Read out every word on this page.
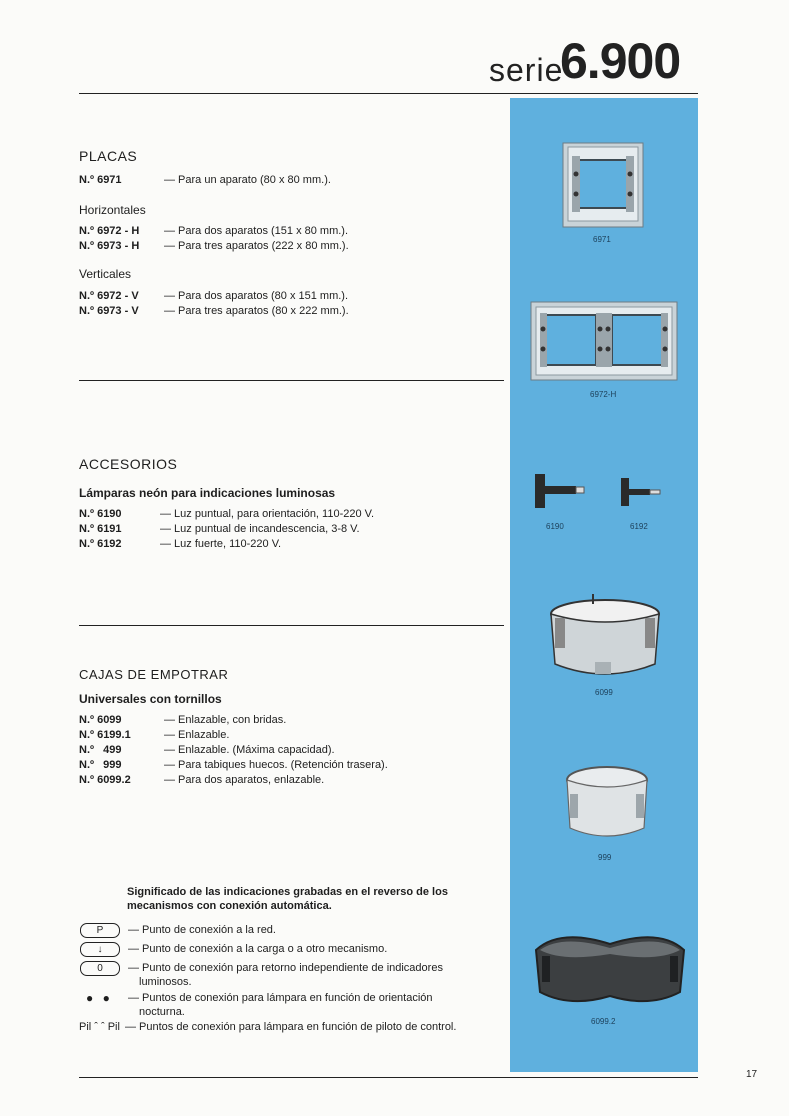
serie
6.900
6971
6972-H
6190	6192
6099
999
6099.2
PLACAS
N.º 6971	— Para un aparato (80 x 80 mm.).
Horizontales
N.º 6972 - H — Para dos aparatos (151 x 80 mm.).
N.º 6973 - H — Para tres aparatos (222 x 80 mm.).
Verticales
N.º 6972 - V — Para dos aparatos (80 x 151 mm.).
N.º 6973 - V — Para tres aparatos (80 x 222 mm.).
ACCESORIOS
Lámparas neón para indicaciones luminosas
N.º 6190	— Luz puntual, para orientación, 110-220 V.
N.º 6191	— Luz puntual de incandescencia, 3-8 V.
N.º 6192	— Luz fuerte, 110-220 V.
CAJAS DE EMPOTRAR
Universales con tornillos
N.º 6099	— Enlazable, con bridas.
N.º 6199.1	— Enlazable.
N.º   499	— Enlazable. (Máxima capacidad).
N.º   999	— Para tabiques huecos. (Retención trasera).
N.º 6099.2	— Para dos aparatos, enlazable.
Significado de las indicaciones grabadas en el reverso de los
mecanismos con conexión automática.
P	— Punto de conexión a la red.
↓	— Punto de conexión a la carga o a otro mecanismo.
0	— Punto de conexión para retorno independiente de indicadores
luminosos.
● ● — Puntos de conexión para lámpara en función de orientación
nocturna.
Pil ˆ ˆ Pil — Puntos de conexión para lámpara en función de piloto de control.
17
